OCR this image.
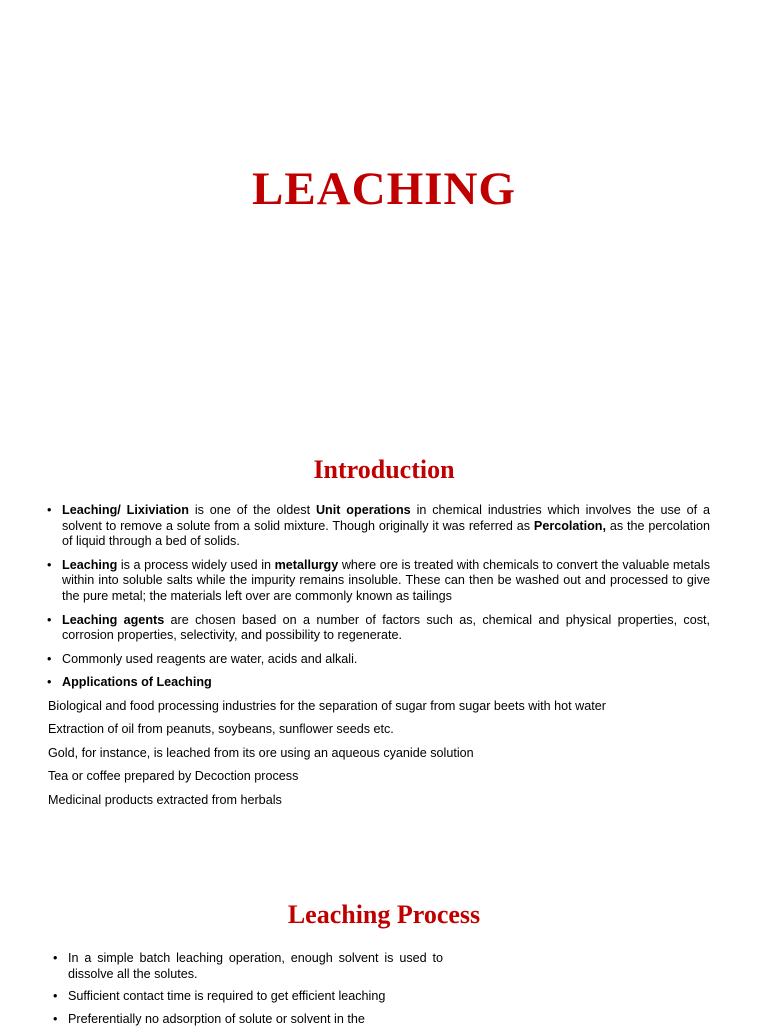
LEACHING
Introduction
• Leaching/ Lixiviation is one of the oldest Unit operations in chemical industries which involves the use of a solvent to remove a solute from a solid mixture. Though originally it was referred as Percolation, as the percolation of liquid through a bed of solids.
• Leaching is a process widely used in metallurgy where ore is treated with chemicals to convert the valuable metals within into soluble salts while the impurity remains insoluble. These can then be washed out and processed to give the pure metal; the materials left over are commonly known as tailings
• Leaching agents are chosen based on a number of factors such as, chemical and physical properties, cost, corrosion properties, selectivity, and possibility to regenerate.
• Commonly used reagents are water, acids and alkali.
• Applications of Leaching

Biological and food processing industries for the separation of sugar from sugar beets with hot water

Extraction of oil from peanuts, soybeans, sunflower seeds etc.

Gold, for instance, is leached from its ore using an aqueous cyanide solution

Tea or coffee prepared by Decoction process

Medicinal products extracted from herbals

Leaching Process
• In a simple batch leaching operation, enough solvent is used to dissolve all the solutes.
• Sufficient contact time is required to get efficient leaching
• Preferentially no adsorption of solute or solvent in the
